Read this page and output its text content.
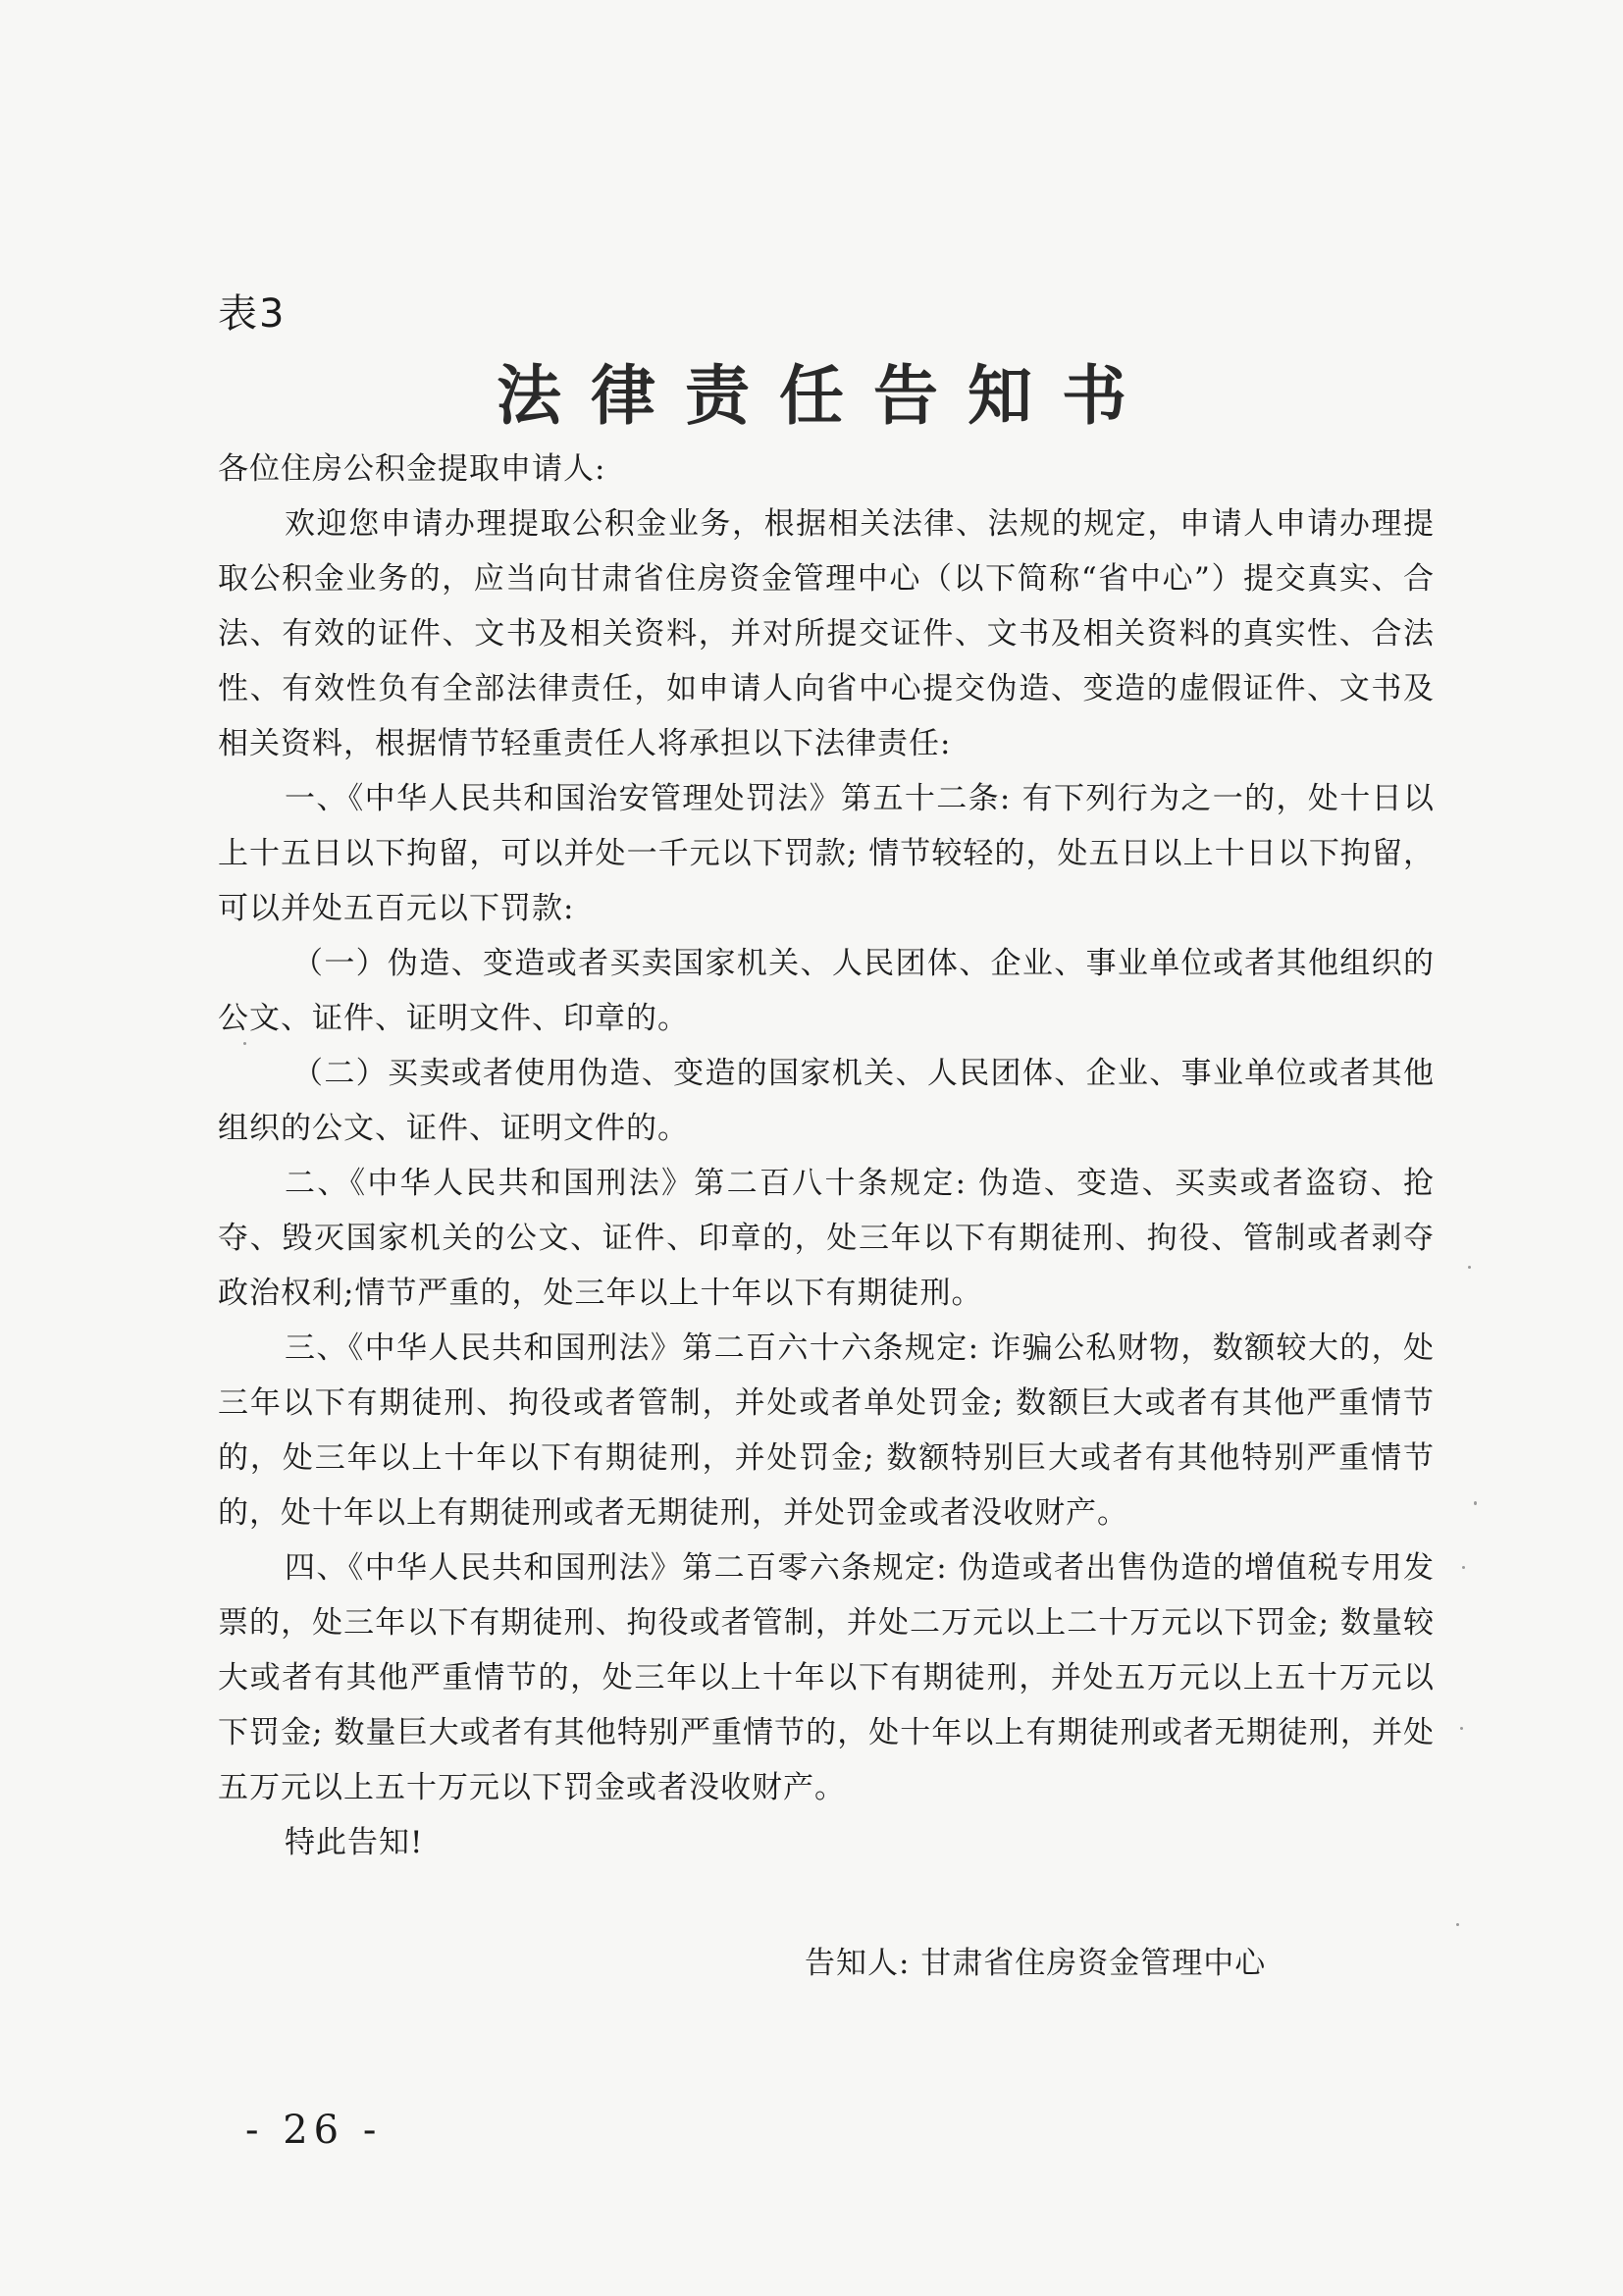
表3
法律责任告知书

各位住房公积金提取申请人:

欢迎您申请办理提取公积金业务，根据相关法律、法规的规定，申请人申请办理提取公积金业务的，应当向甘肃省住房资金管理中心（以下简称“省中心”）提交真实、合法、有效的证件、文书及相关资料，并对所提交证件、文书及相关资料的真实性、合法性、有效性负有全部法律责任，如申请人向省中心提交伪造、变造的虚假证件、文书及相关资料，根据情节轻重责任人将承担以下法律责任:

一、《中华人民共和国治安管理处罚法》第五十二条: 有下列行为之一的，处十日以上十五日以下拘留，可以并处一千元以下罚款; 情节较轻的，处五日以上十日以下拘留，可以并处五百元以下罚款:

（一）伪造、变造或者买卖国家机关、人民团体、企业、事业单位或者其他组织的公文、证件、证明文件、印章的。

（二）买卖或者使用伪造、变造的国家机关、人民团体、企业、事业单位或者其他组织的公文、证件、证明文件的。

二、《中华人民共和国刑法》第二百八十条规定: 伪造、变造、买卖或者盗窃、抢夺、毁灭国家机关的公文、证件、印章的，处三年以下有期徒刑、拘役、管制或者剥夺政治权利;情节严重的，处三年以上十年以下有期徒刑。

三、《中华人民共和国刑法》第二百六十六条规定: 诈骗公私财物，数额较大的，处三年以下有期徒刑、拘役或者管制，并处或者单处罚金; 数额巨大或者有其他严重情节的，处三年以上十年以下有期徒刑，并处罚金; 数额特别巨大或者有其他特别严重情节的，处十年以上有期徒刑或者无期徒刑，并处罚金或者没收财产。

四、《中华人民共和国刑法》第二百零六条规定: 伪造或者出售伪造的增值税专用发票的，处三年以下有期徒刑、拘役或者管制，并处二万元以上二十万元以下罚金; 数量较大或者有其他严重情节的，处三年以上十年以下有期徒刑，并处五万元以上五十万元以下罚金; 数量巨大或者有其他特别严重情节的，处十年以上有期徒刑或者无期徒刑，并处五万元以上五十万元以下罚金或者没收财产。

特此告知!

告知人: 甘肃省住房资金管理中心
- 26 -
